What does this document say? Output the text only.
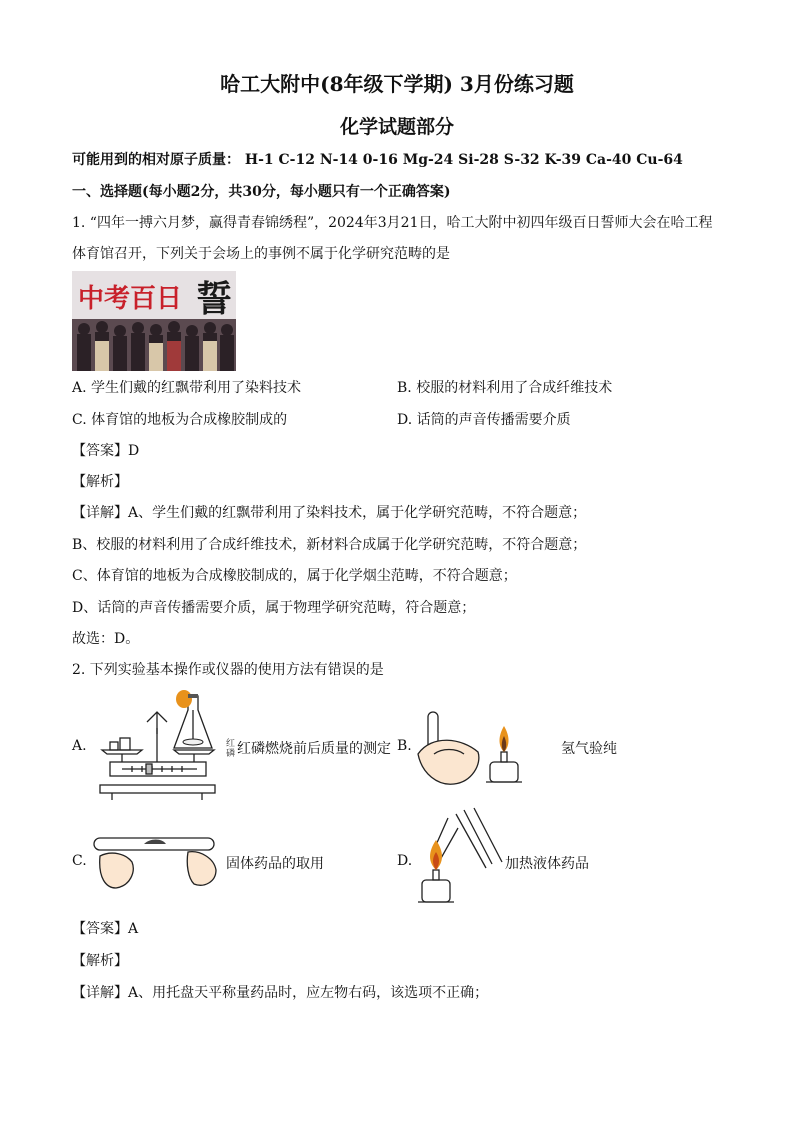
哈工大附中(8年级下学期) 3月份练习题
化学试题部分
可能用到的相对原子质量： H-1 C-12 N-14 0-16 Mg-24 Si-28 S-32 K-39 Ca-40 Cu-64
一、选择题(每小题2分，共30分，每小题只有一个正确答案)
1. “四年一搏六月梦，赢得青春锦绣程”，2024年3月21日，哈工大附中初四年级百日誓师大会在哈工程
体育馆召开，下列关于会场上的事例不属于化学研究范畴的是
中考百日 誓
A. 学生们戴的红飘带利用了染料技术	B. 校服的材料利用了合成纤维技术
C. 体育馆的地板为合成橡胶制成的	D. 话筒的声音传播需要介质
【答案】D
【解析】
【详解】A、学生们戴的红飘带利用了染料技术，属于化学研究范畴，不符合题意；
B、校服的材料利用了合成纤维技术，新材料合成属于化学研究范畴，不符合题意；
C、体育馆的地板为合成橡胶制成的，属于化学烟尘范畴，不符合题意；
D、话筒的声音传播需要介质，属于物理学研究范畴，符合题意；
故选：D。
2. 下列实验基本操作或仪器的使用方法有错误的是
A.	红磷 红磷燃烧前后质量的测定 B.	氢气验纯
C.	固体药品的取用	D.	加热液体药品
【答案】A
【解析】
【详解】A、用托盘天平称量药品时，应左物右码，该选项不正确；
